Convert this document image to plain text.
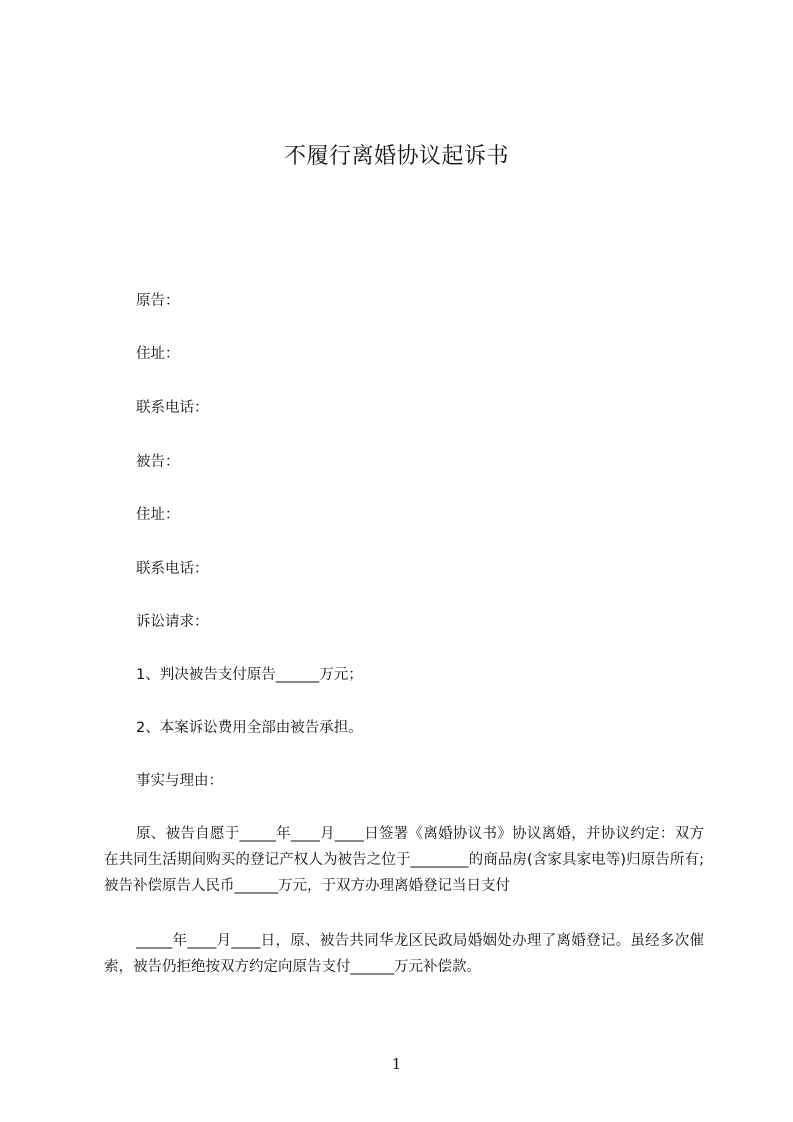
不履行离婚协议起诉书
原告：
住址：
联系电话：
被告：
住址：
联系电话：
诉讼请求：
1、判决被告支付原告______万元；
2、本案诉讼费用全部由被告承担。
事实与理由：
原、被告自愿于_____年____月____日签署《离婚协议书》协议离婚，并协议约定：双方在共同生活期间购买的登记产权人为被告之位于________的商品房(含家具家电等)归原告所有;被告补偿原告人民币______万元，于双方办理离婚登记当日支付
_____年____月____日，原、被告共同华龙区民政局婚姻处办理了离婚登记。虽经多次催索，被告仍拒绝按双方约定向原告支付______万元补偿款。
1
